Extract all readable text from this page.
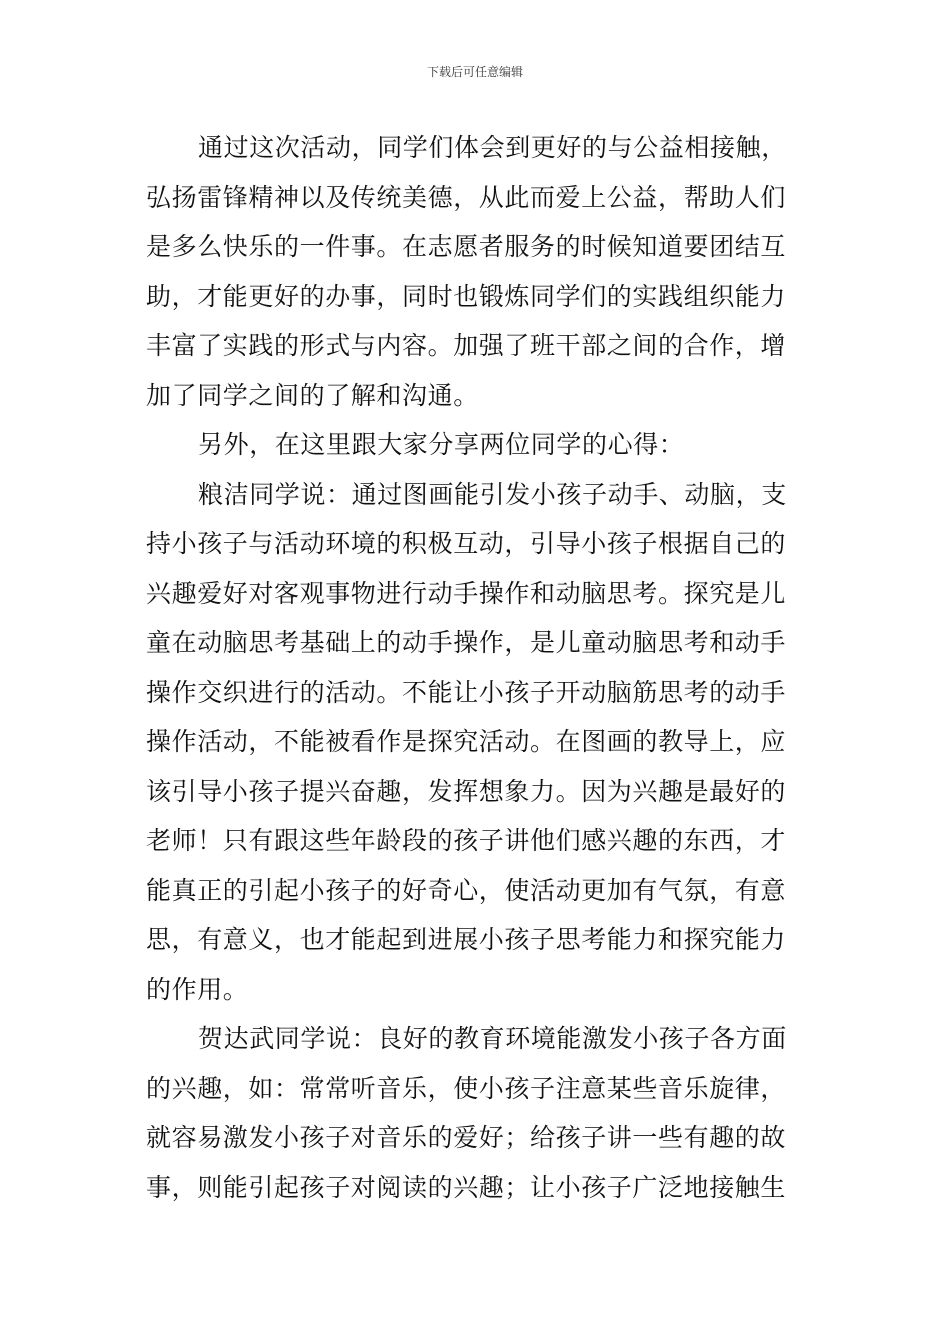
下载后可任意编辑
通过这次活动，同学们体会到更好的与公益相接触，
弘扬雷锋精神以及传统美德，从此而爱上公益，帮助人们
是多么快乐的一件事。在志愿者服务的时候知道要团结互
助，才能更好的办事，同时也锻炼同学们的实践组织能力
丰富了实践的形式与内容。加强了班干部之间的合作，增
加了同学之间的了解和沟通。
另外，在这里跟大家分享两位同学的心得：
粮洁同学说：通过图画能引发小孩子动手、动脑，支
持小孩子与活动环境的积极互动，引导小孩子根据自己的
兴趣爱好对客观事物进行动手操作和动脑思考。探究是儿
童在动脑思考基础上的动手操作，是儿童动脑思考和动手
操作交织进行的活动。不能让小孩子开动脑筋思考的动手
操作活动，不能被看作是探究活动。在图画的教导上，应
该引导小孩子提兴奋趣，发挥想象力。因为兴趣是最好的
老师！只有跟这些年龄段的孩子讲他们感兴趣的东西，才
能真正的引起小孩子的好奇心，使活动更加有气氛，有意
思，有意义，也才能起到进展小孩子思考能力和探究能力
的作用。
贺达武同学说：良好的教育环境能激发小孩子各方面
的兴趣，如：常常听音乐，使小孩子注意某些音乐旋律，
就容易激发小孩子对音乐的爱好；给孩子讲一些有趣的故
事，则能引起孩子对阅读的兴趣；让小孩子广泛地接触生
